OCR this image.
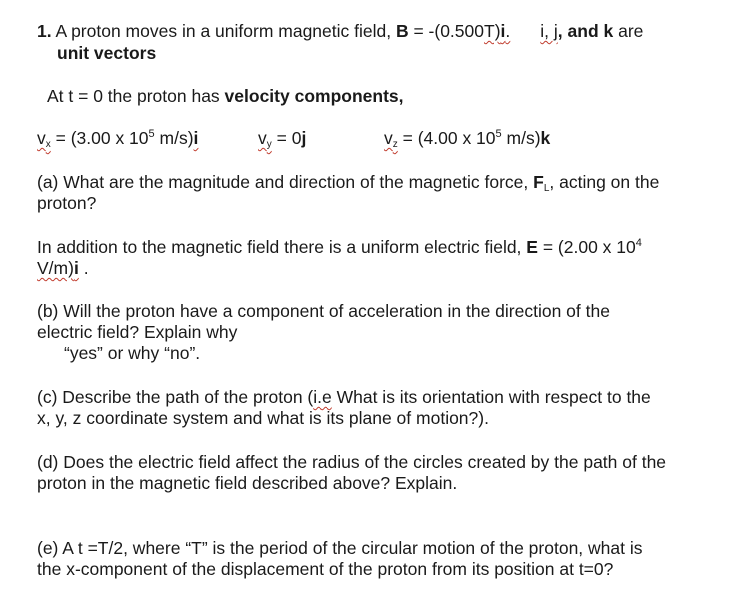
1. A proton moves in a uniform magnetic field, B = -(0.500T)i. i, j, and k are
unit vectors
At t = 0 the proton has velocity components,
$v_x = (3.00$ x $10^5$ m/s)i	$v_y = 0j$	$v_z = (4.00$ x $10^5$ m/s)k
(a) What are the magnitude and direction of the magnetic force, $F_L$, acting on the
proton?
In addition to the magnetic field there is a uniform electric field, E = (2.00 x $10^4$
V/m)i .
(b) Will the proton have a component of acceleration in the direction of the
electric field? Explain why
“yes” or why “no”.
(c) Describe the path of the proton (i.e What is its orientation with respect to the
x, y, z coordinate system and what is its plane of motion?).
(d) Does the electric field affect the radius of the circles created by the path of the
proton in the magnetic field described above? Explain.
(e) A t =T/2, where “T” is the period of the circular motion of the proton, what is
the x-component of the displacement of the proton from its position at t=0?
